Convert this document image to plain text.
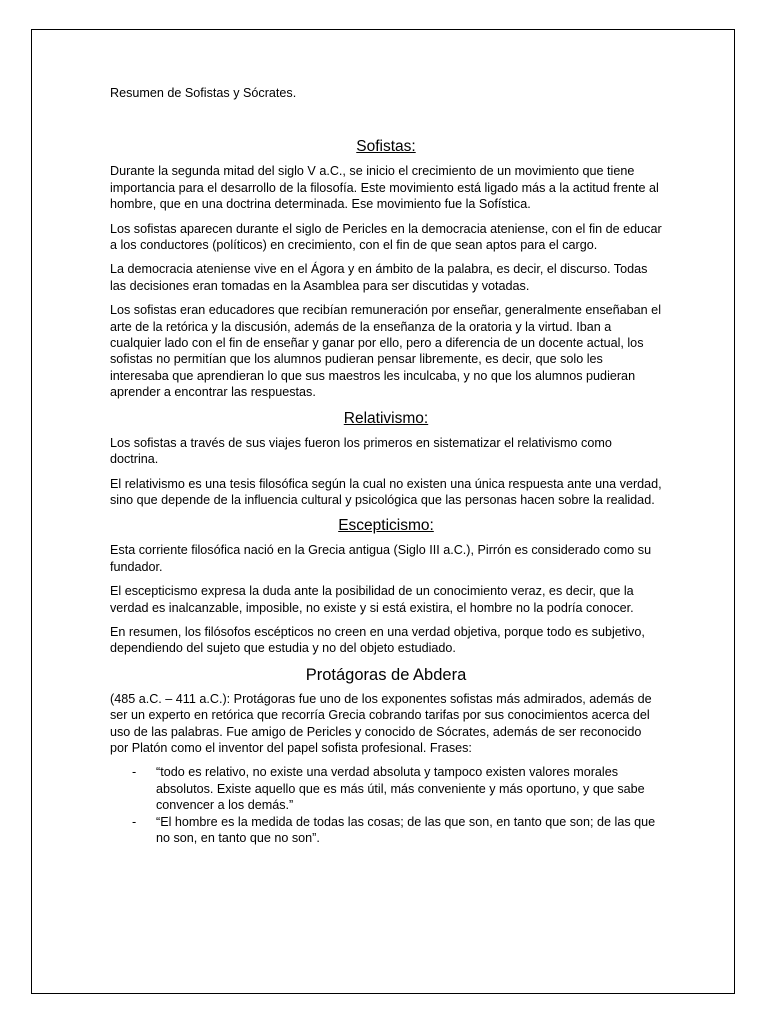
Resumen de Sofistas y Sócrates.

Sofistas:

Durante la segunda mitad del siglo V a.C., se inicio el crecimiento de un movimiento que tiene importancia para el desarrollo de la filosofía. Este movimiento está ligado más a la actitud frente al hombre, que en una doctrina determinada. Ese movimiento fue la Sofística.

Los sofistas aparecen durante el siglo de Pericles en la democracia ateniense, con el fin de educar a los conductores (políticos) en crecimiento, con el fin de que sean aptos para el cargo.

La democracia ateniense vive en el Ágora y en ámbito de la palabra, es decir, el discurso. Todas las decisiones eran tomadas en la Asamblea para ser discutidas y votadas.

Los sofistas eran educadores que recibían remuneración por enseñar, generalmente enseñaban el arte de la retórica y la discusión, además de la enseñanza de la oratoria y la virtud. Iban a cualquier lado con el fin de enseñar y ganar por ello, pero a diferencia de un docente actual, los sofistas no permitían que los alumnos pudieran pensar libremente, es decir, que solo les interesaba que aprendieran lo que sus maestros les inculcaba, y no que los alumnos pudieran aprender a encontrar las respuestas.

Relativismo:

Los sofistas a través de sus viajes fueron los primeros en sistematizar el relativismo como doctrina.

El relativismo es una tesis filosófica según la cual no existen una única respuesta ante una verdad, sino que depende de la influencia cultural y psicológica que las personas hacen sobre la realidad.

Escepticismo:

Esta corriente filosófica nació en la Grecia antigua (Siglo III a.C.), Pirrón es considerado como su fundador.

El escepticismo expresa la duda ante la posibilidad de un conocimiento veraz, es decir, que la verdad es inalcanzable, imposible, no existe y si está existira, el hombre no la podría conocer.

En resumen, los filósofos escépticos no creen en una verdad objetiva, porque todo es subjetivo, dependiendo del sujeto que estudia y no del objeto estudiado.

Protágoras de Abdera

(485 a.C. – 411 a.C.): Protágoras fue uno de los exponentes sofistas más admirados, además de ser un experto en retórica que recorría Grecia cobrando tarifas por sus conocimientos acerca del uso de las palabras. Fue amigo de Pericles y conocido de Sócrates, además de ser reconocido por Platón como el inventor del papel sofista profesional. Frases:

- “todo es relativo, no existe una verdad absoluta y tampoco existen valores morales absolutos. Existe aquello que es más útil, más conveniente y más oportuno, y que sabe convencer a los demás.”
- “El hombre es la medida de todas las cosas; de las que son, en tanto que son; de las que no son, en tanto que no son”.
